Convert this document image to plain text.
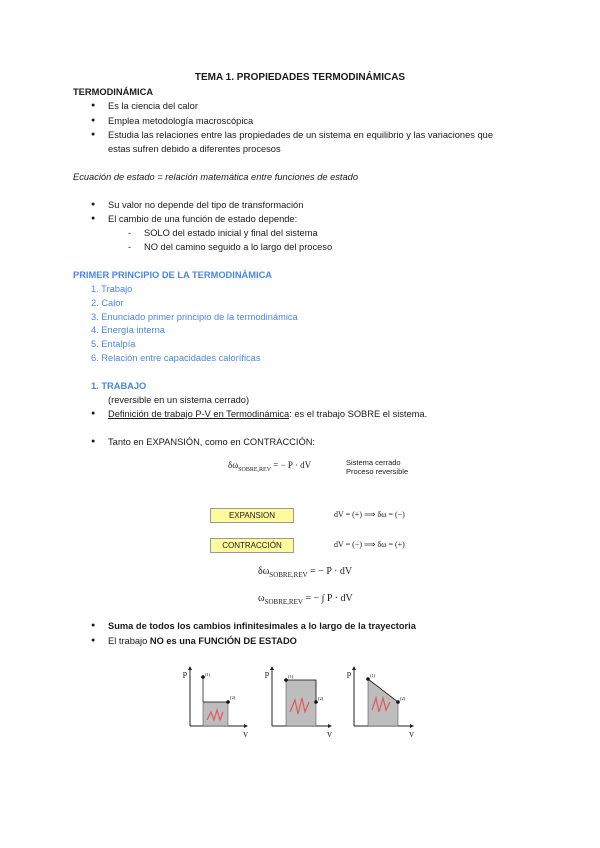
TEMA 1. PROPIEDADES TERMODINÁMICAS
TERMODINÁMICA
● Es la ciencia del calor
● Emplea metodología macroscópica
● Estudia las relaciones entre las propiedades de un sistema en equilibrio y las variaciones que
estas sufren debido a diferentes procesos
Ecuación de estado = relación matemática entre funciones de estado
● Su valor no depende del tipo de transformación
● El cambio de una función de estado depende:
- SOLO del estado inicial y final del sistema
- NO del camino seguido a lo largo del proceso
PRIMER PRINCIPIO DE LA TERMODINÁMICA
1. Trabajo
2. Calor
3. Enunciado primer principio de la termodinámica
4. Energía interna
5. Entalpía
6. Relación entre capacidades caloríficas
1. TRABAJO
(reversible en un sistema cerrado)
● Definición de trabajo P-V en Termodinámica: es el trabajo SOBRE el sistema.
● Tanto en EXPANSIÓN, como en CONTRACCIÓN:
$\delta\omega_{SOBRE,REV}$ = − P · dV	Sistema cerrado
Proceso reversible
EXPANSION	dV = (+) ⟹ δω = (−)
CONTRACCIÓN	dV = (−) ⟹ δω = (+)
$\delta\omega_{SOBRE,REV}$ = − P · dV
$\omega_{SOBRE,REV}$ = − ∫ P · dV
● Suma de todos los cambios infinitesimales a lo largo de la trayectoria
● El trabajo NO es una FUNCIÓN DE ESTADO
p
V
(1)
(2)
p
V
(1)
(2)
p
V
(1)
(2)
